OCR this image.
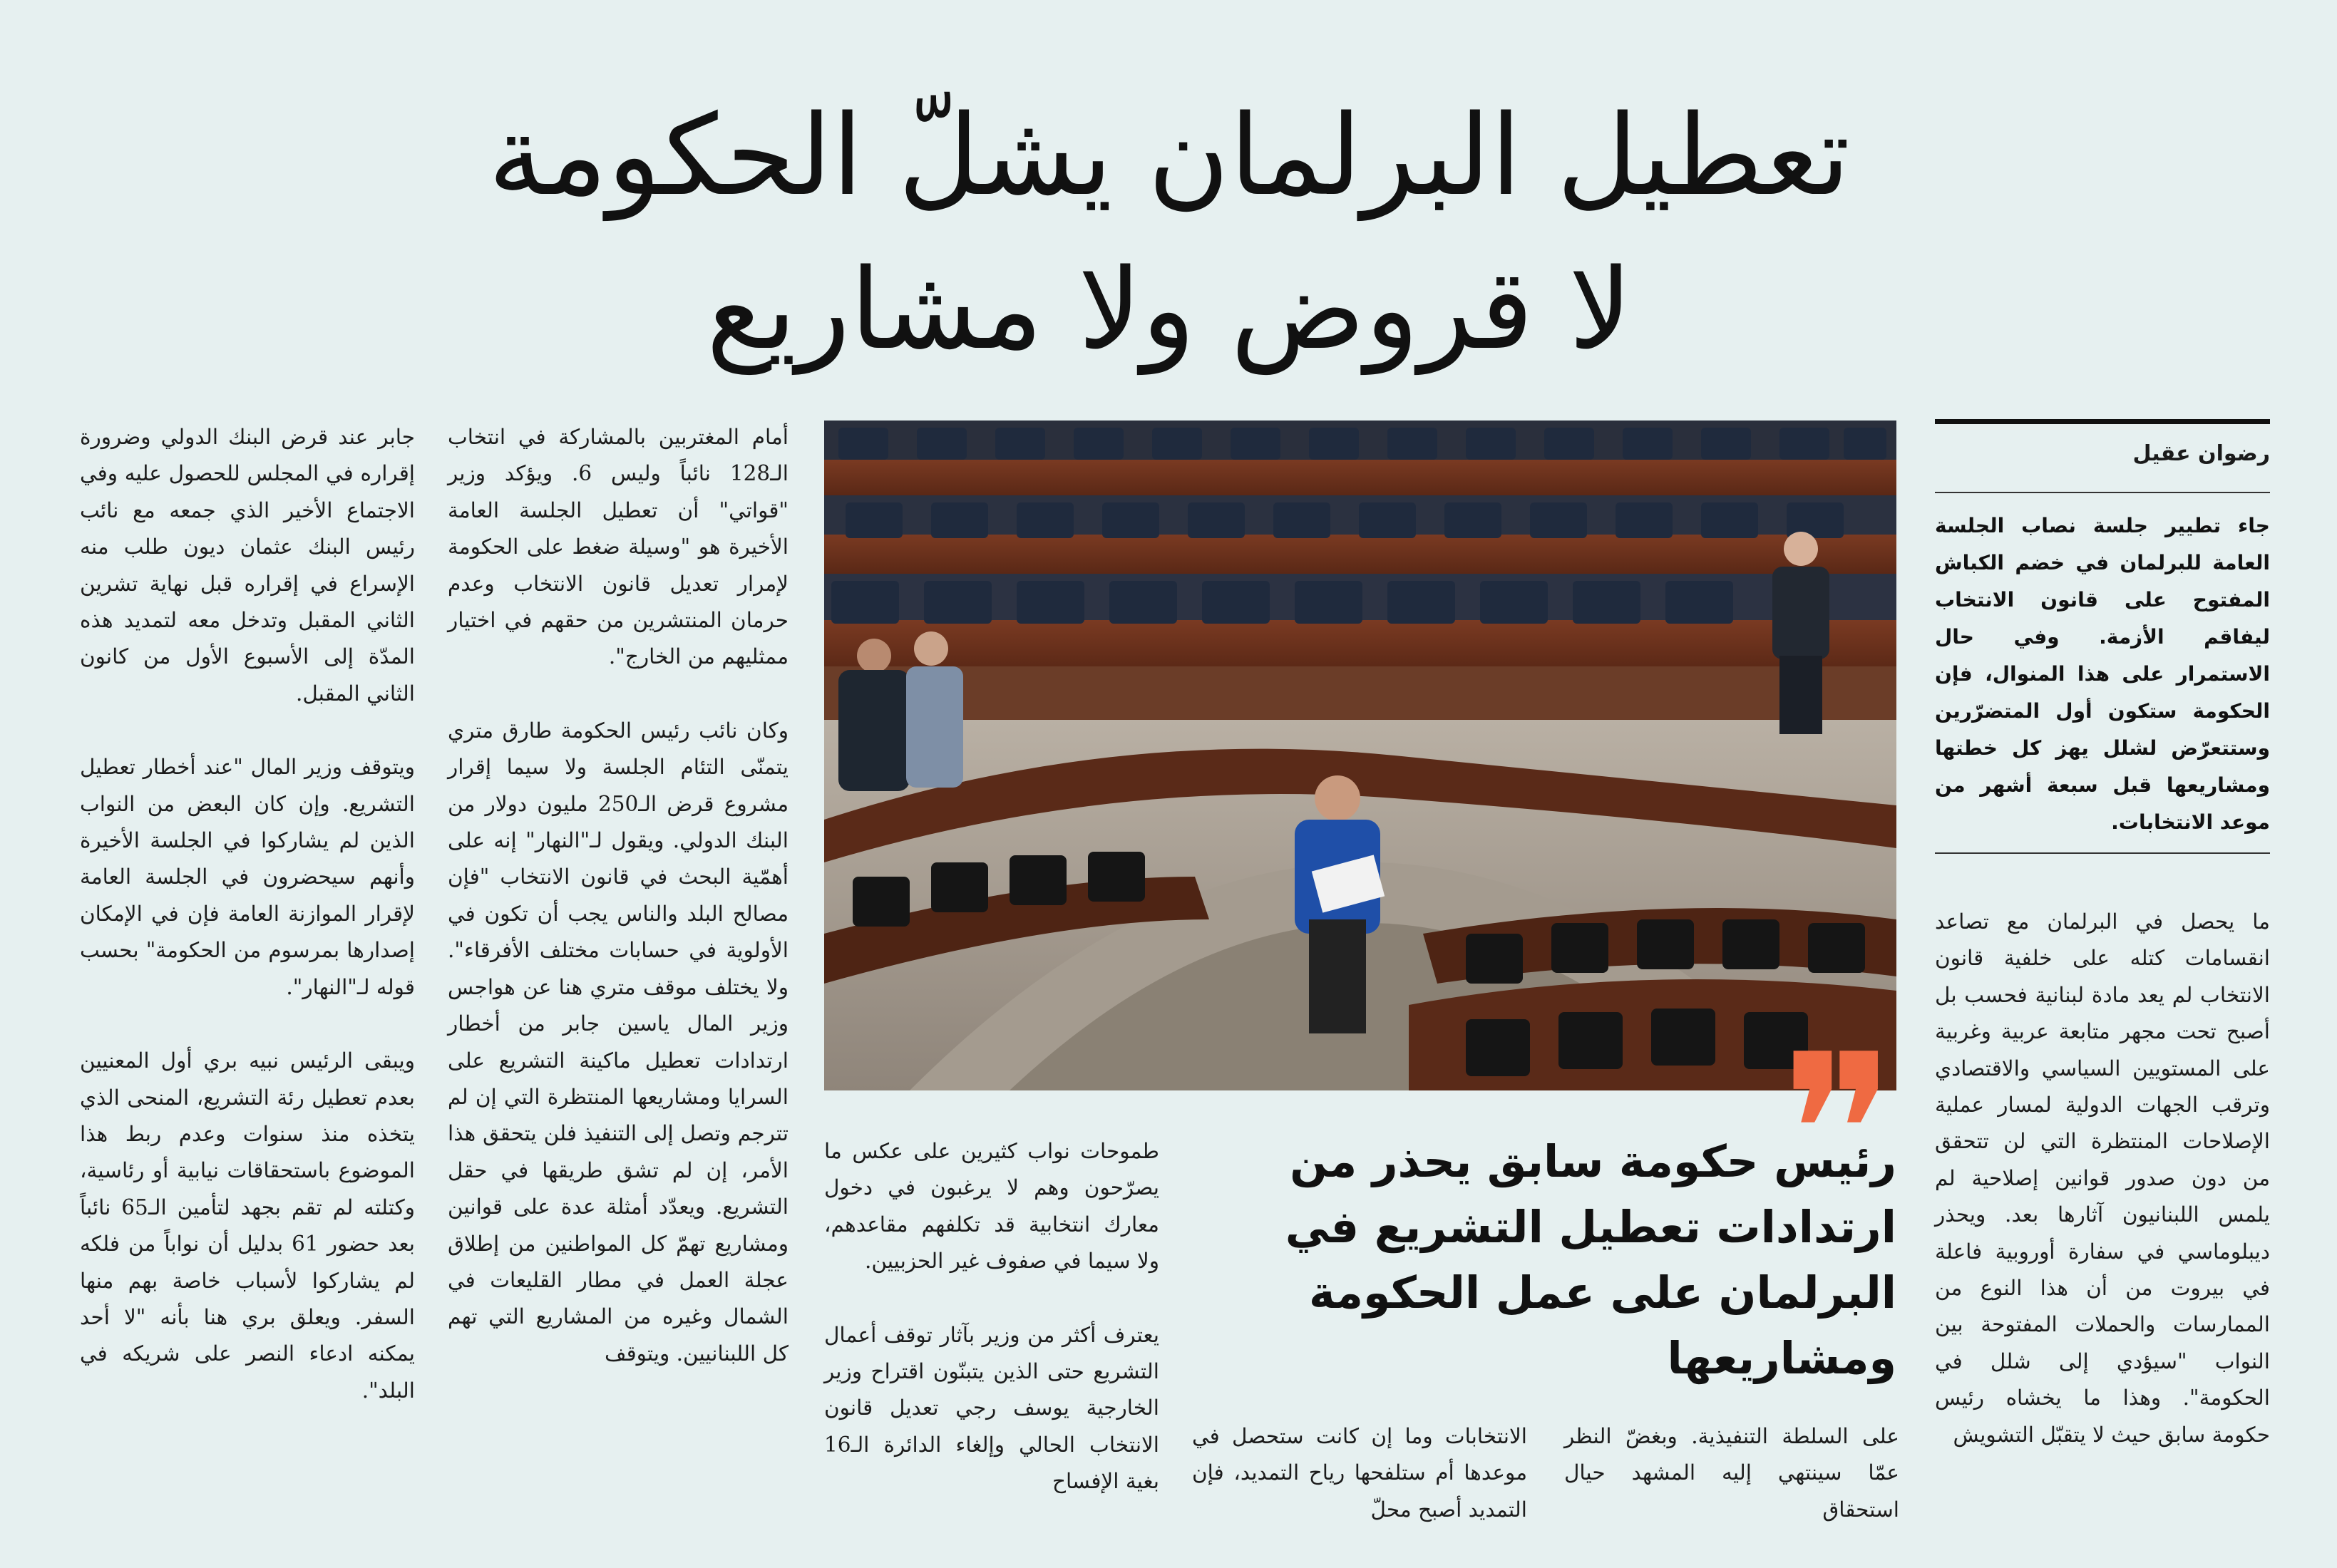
تعطيل البرلمان يشلّ الحكومة
لا قروض ولا مشاريع
رضوان عقيل
جاء تطيير جلسة نصاب الجلسة العامة للبرلمان في خضم الكباش المفتوح على قانون الانتخاب ليفاقم الأزمة. وفي حال الاستمرار على هذا المنوال، فإن الحكومة ستكون أول المتضرّرين وستتعرّض لشلل يهز كل خطتها ومشاريعها قبل سبعة أشهر من موعد الانتخابات.

ما يحصل في البرلمان مع تصاعد انقسامات كتله على خلفية قانون الانتخاب لم يعد مادة لبنانية فحسب بل أصبح تحت مجهر متابعة عربية وغربية على المستويين السياسي والاقتصادي وترقب الجهات الدولية لمسار عملية الإصلاحات المنتظرة التي لن تتحقق من دون صدور قوانين إصلاحية لم يلمس اللبنانيون آثارها بعد. ويحذر ديبلوماسي في سفارة أوروبية فاعلة في بيروت من أن هذا النوع من الممارسات والحملات المفتوحة بين النواب "سيؤدي إلى شلل في الحكومة". وهذا ما يخشاه رئيس حكومة سابق حيث لا يتقبّل التشويش

❞
رئيس حكومة سابق يحذر من ارتدادات تعطيل التشريع في البرلمان على عمل الحكومة ومشاريعها

على السلطة التنفيذية. وبغضّ النظر عمّا سينتهي إليه المشهد حيال استحقاق

الانتخابات وما إن كانت ستحصل في موعدها أم ستلفحها رياح التمديد، فإن التمديد أصبح محلّ

طموحات نواب كثيرين على عكس ما يصرّحون وهم لا يرغبون في دخول معارك انتخابية قد تكلفهم مقاعدهم، ولا سيما في صفوف غير الحزبيين.

يعترف أكثر من وزير بآثار توقف أعمال التشريع حتى الذين يتبنّون اقتراح وزير الخارجية يوسف رجي تعديل قانون الانتخاب الحالي وإلغاء الدائرة الـ16 بغية الإفساح

أمام المغتربين بالمشاركة في انتخاب الـ128 نائباً وليس 6. ويؤكد وزير "قواتي" أن تعطيل الجلسة العامة الأخيرة هو "وسيلة ضغط على الحكومة لإمرار تعديل قانون الانتخاب وعدم حرمان المنتشرين من حقهم في اختيار ممثليهم من الخارج".

وكان نائب رئيس الحكومة طارق متري يتمنّى التئام الجلسة ولا سيما إقرار مشروع قرض الـ250 مليون دولار من البنك الدولي. ويقول لـ"النهار" إنه على أهمّية البحث في قانون الانتخاب "فإن مصالح البلد والناس يجب أن تكون في الأولوية في حسابات مختلف الأفرقاء". ولا يختلف موقف متري هنا عن هواجس وزير المال ياسين جابر من أخطار ارتدادات تعطيل ماكينة التشريع على السرايا ومشاريعها المنتظرة التي إن لم تترجم وتصل إلى التنفيذ فلن يتحقق هذا الأمر، إن لم تشق طريقها في حقل التشريع. ويعدّد أمثلة عدة على قوانين ومشاريع تهمّ كل المواطنين من إطلاق عجلة العمل في مطار القليعات في الشمال وغيره من المشاريع التي تهم كل اللبنانيين. ويتوقف

جابر عند قرض البنك الدولي وضرورة إقراره في المجلس للحصول عليه وفي الاجتماع الأخير الذي جمعه مع نائب رئيس البنك عثمان ديون طلب منه الإسراع في إقراره قبل نهاية تشرين الثاني المقبل وتدخل معه لتمديد هذه المدّة إلى الأسبوع الأول من كانون الثاني المقبل.

ويتوقف وزير المال "عند أخطار تعطيل التشريع. وإن كان البعض من النواب الذين لم يشاركوا في الجلسة الأخيرة وأنهم سيحضرون في الجلسة العامة لإقرار الموازنة العامة فإن في الإمكان إصدارها بمرسوم من الحكومة" بحسب قوله لـ"النهار".

ويبقى الرئيس نبيه بري أول المعنيين بعدم تعطيل رئة التشريع، المنحى الذي يتخذه منذ سنوات وعدم ربط هذا الموضوع باستحقاقات نيابية أو رئاسية، وكتلته لم تقم بجهد لتأمين الـ65 نائباً بعد حضور 61 بدليل أن نواباً من فلكه لم يشاركوا لأسباب خاصة بهم منها السفر. ويعلق بري هنا بأنه "لا أحد يمكنه ادعاء النصر على شريكه في البلد".
